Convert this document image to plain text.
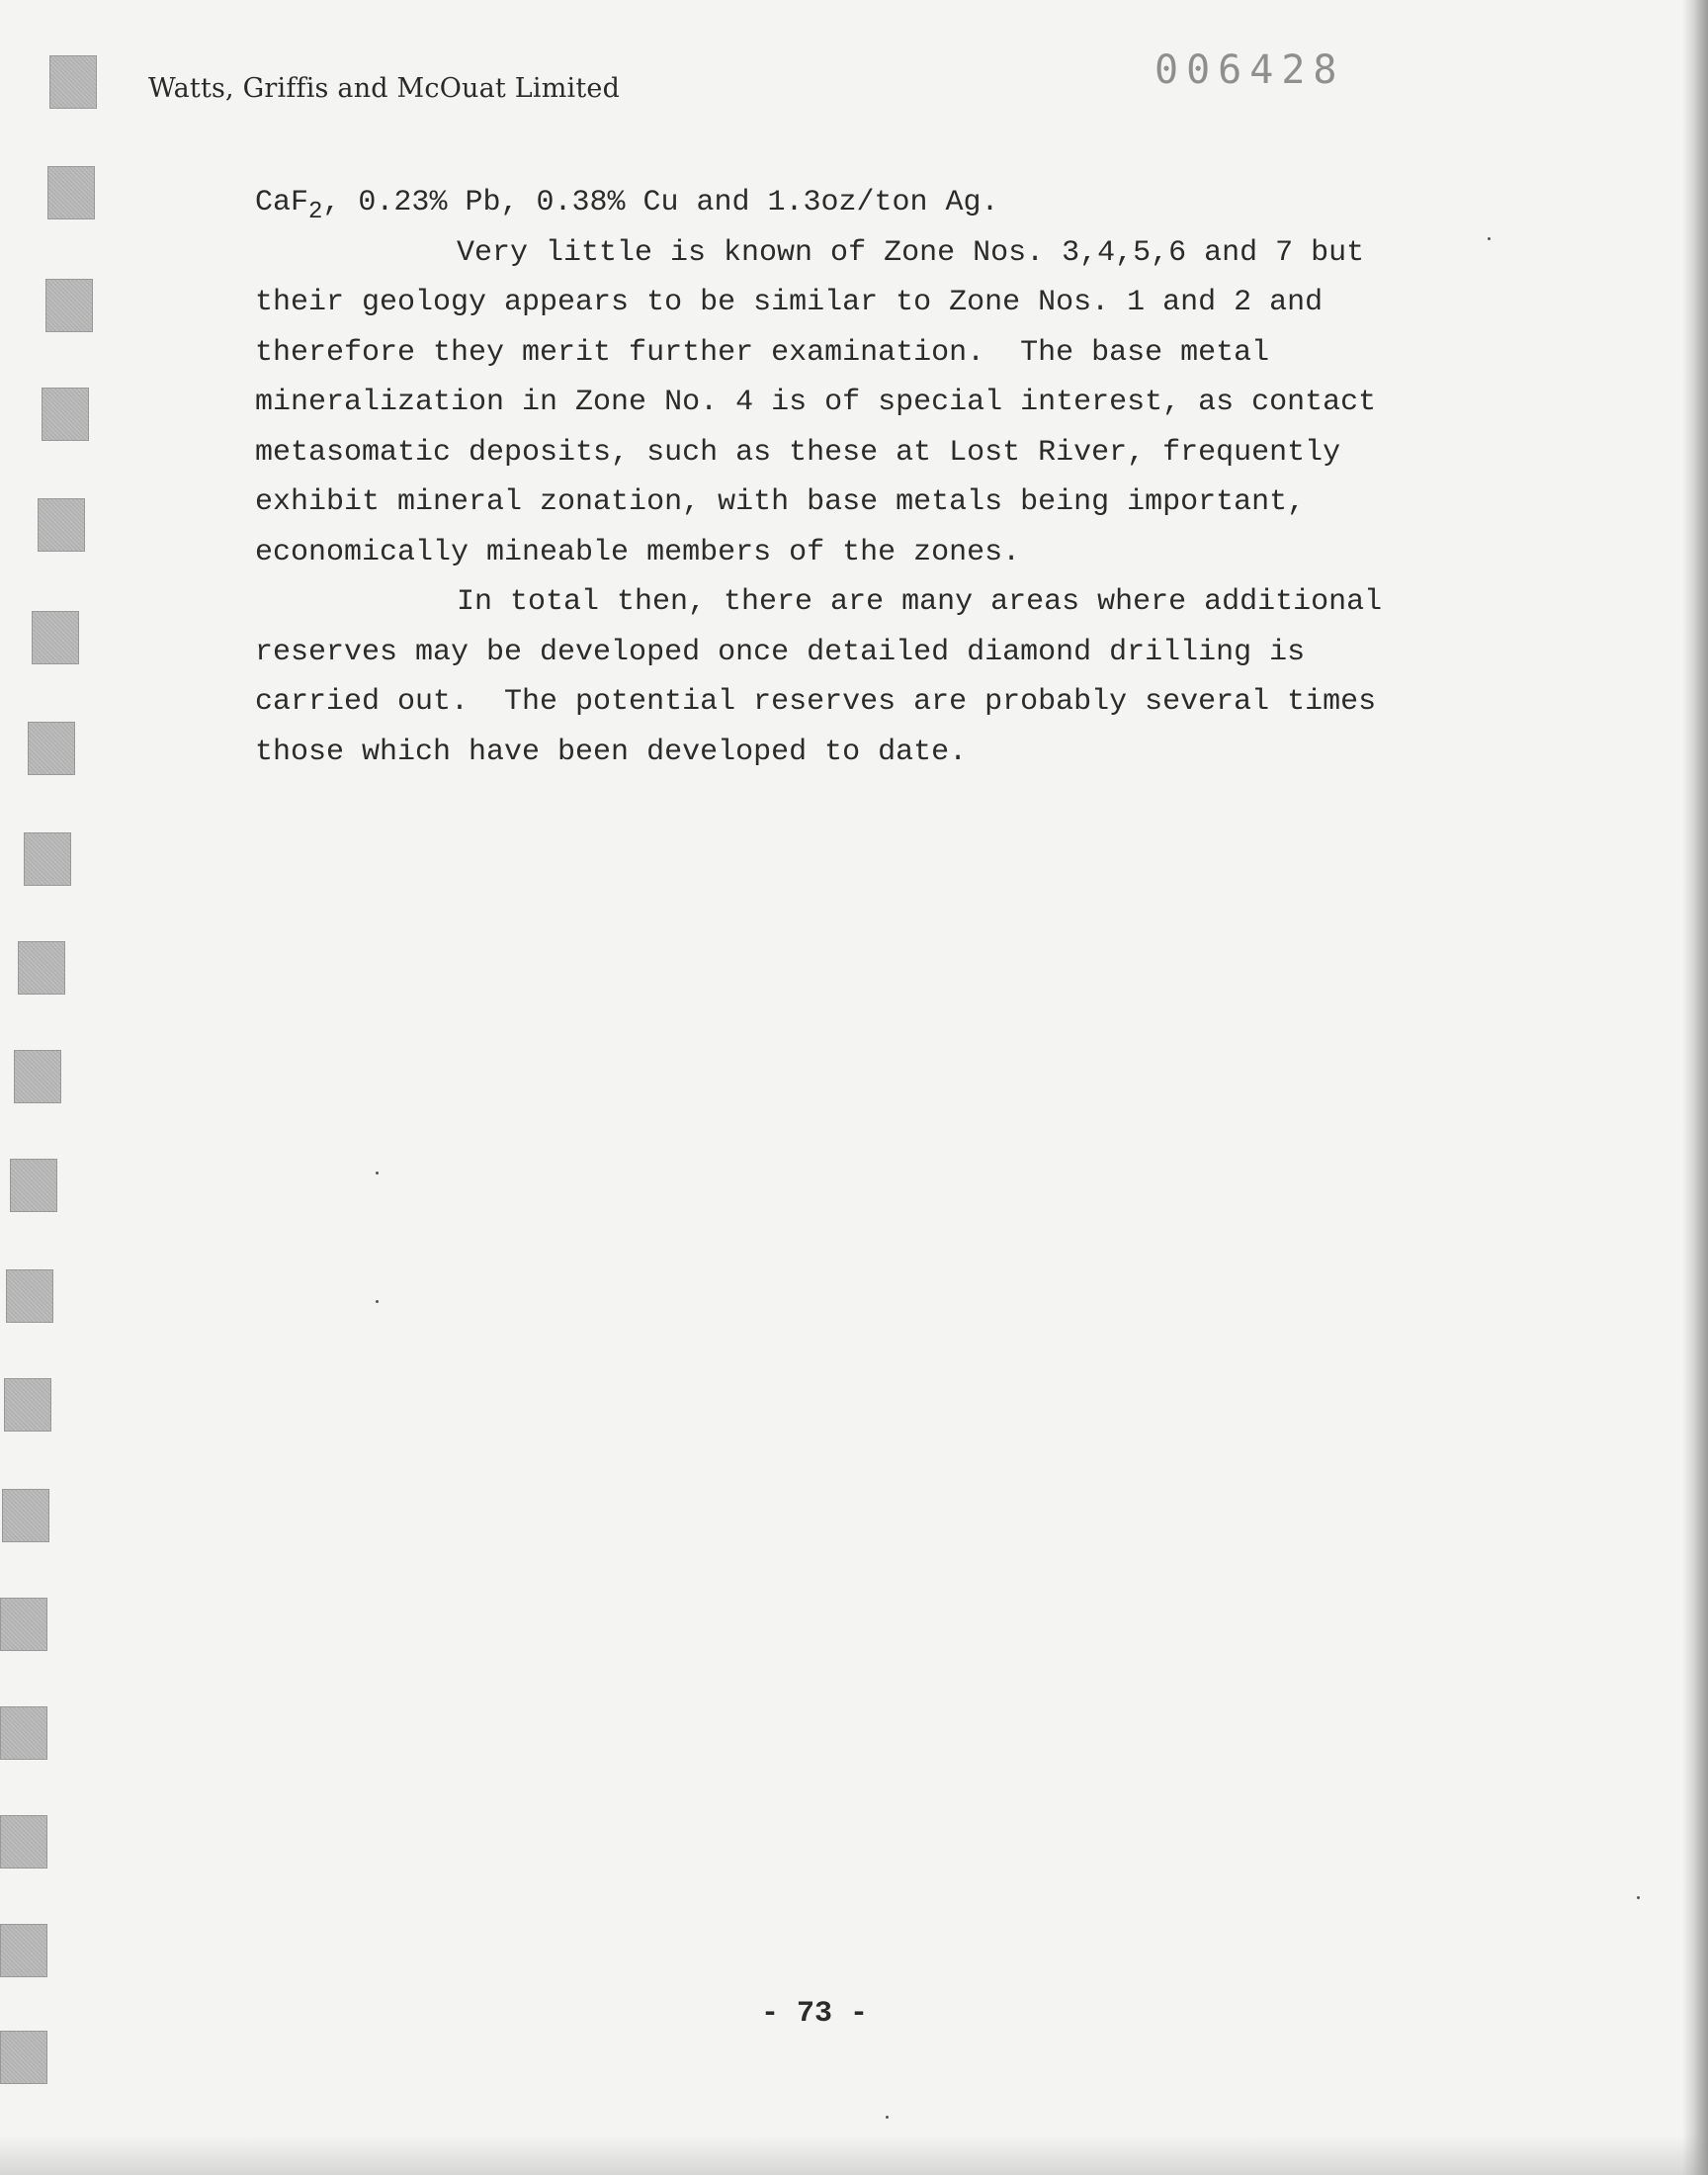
Watts, Griffis and McOuat Limited	006428
CaF$_2$, 0.23% Pb, 0.38% Cu and 1.3oz/ton Ag.
Very little is known of Zone Nos. 3,4,5,6 and 7 but
their geology appears to be similar to Zone Nos. 1 and 2 and
therefore they merit further examination.  The base metal
mineralization in Zone No. 4 is of special interest, as contact
metasomatic deposits, such as these at Lost River, frequently
exhibit mineral zonation, with base metals being important,
economically mineable members of the zones.
In total then, there are many areas where additional
reserves may be developed once detailed diamond drilling is
carried out.  The potential reserves are probably several times
those which have been developed to date.
- 73 -
